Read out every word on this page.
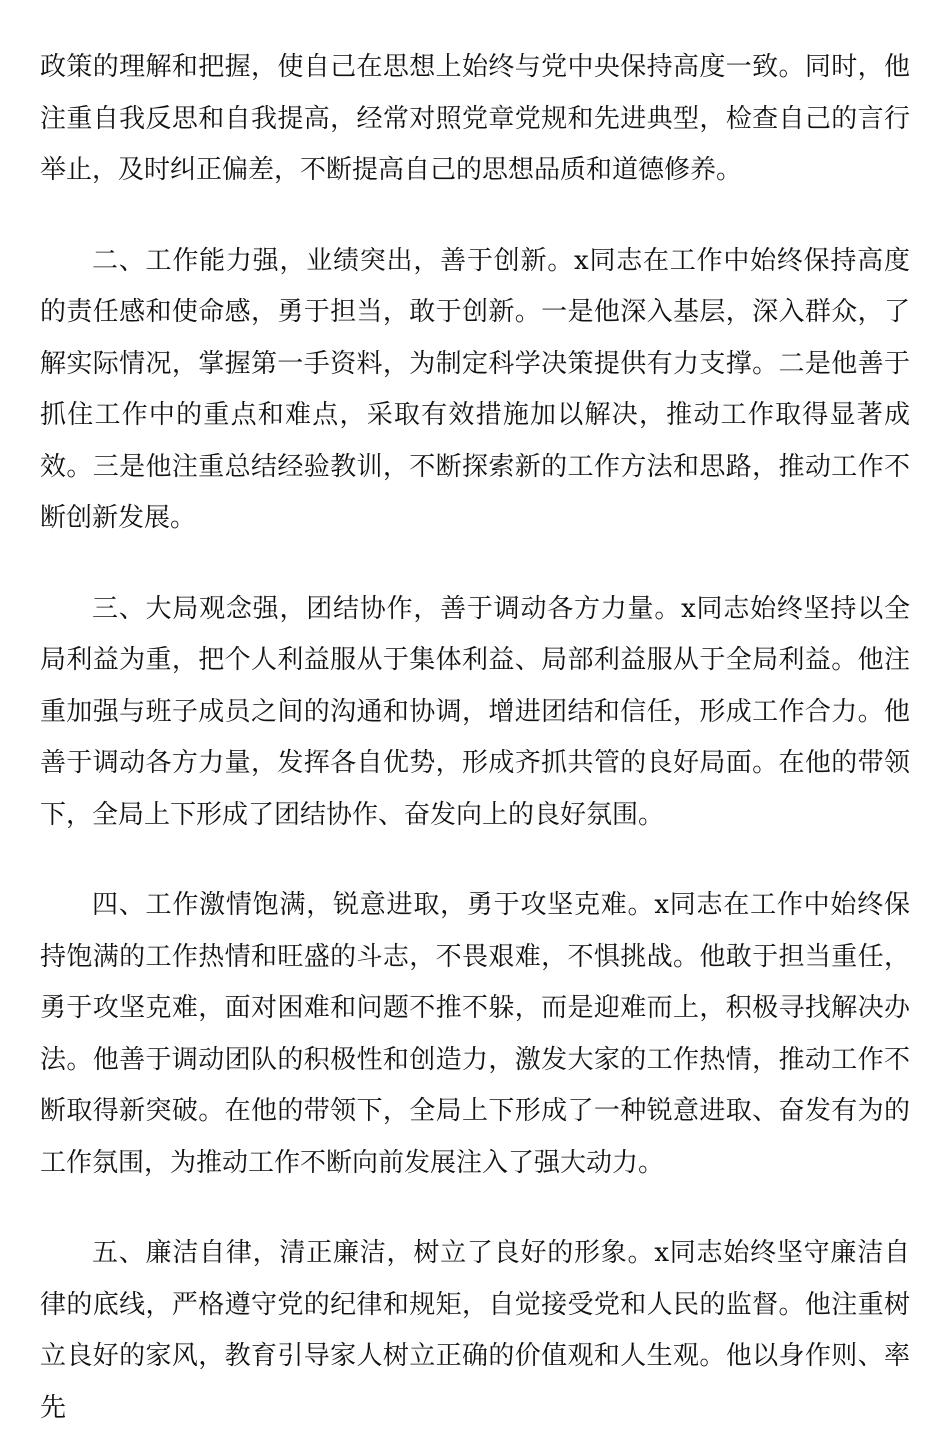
政策的理解和把握，使自己在思想上始终与党中央保持高度一致。同时，他注重自我反思和自我提高，经常对照党章党规和先进典型，检查自己的言行举止，及时纠正偏差，不断提高自己的思想品质和道德修养。

二、工作能力强，业绩突出，善于创新。x同志在工作中始终保持高度的责任感和使命感，勇于担当，敢于创新。一是他深入基层，深入群众，了解实际情况，掌握第一手资料，为制定科学决策提供有力支撑。二是他善于抓住工作中的重点和难点，采取有效措施加以解决，推动工作取得显著成效。三是他注重总结经验教训，不断探索新的工作方法和思路，推动工作不断创新发展。

三、大局观念强，团结协作，善于调动各方力量。x同志始终坚持以全局利益为重，把个人利益服从于集体利益、局部利益服从于全局利益。他注重加强与班子成员之间的沟通和协调，增进团结和信任，形成工作合力。他善于调动各方力量，发挥各自优势，形成齐抓共管的良好局面。在他的带领下，全局上下形成了团结协作、奋发向上的良好氛围。

四、工作激情饱满，锐意进取，勇于攻坚克难。x同志在工作中始终保持饱满的工作热情和旺盛的斗志，不畏艰难，不惧挑战。他敢于担当重任，勇于攻坚克难，面对困难和问题不推不躲，而是迎难而上，积极寻找解决办法。他善于调动团队的积极性和创造力，激发大家的工作热情，推动工作不断取得新突破。在他的带领下，全局上下形成了一种锐意进取、奋发有为的工作氛围，为推动工作不断向前发展注入了强大动力。

五、廉洁自律，清正廉洁，树立了良好的形象。x同志始终坚守廉洁自律的底线，严格遵守党的纪律和规矩，自觉接受党和人民的监督。他注重树立良好的家风，教育引导家人树立正确的价值观和人生观。他以身作则、率先
